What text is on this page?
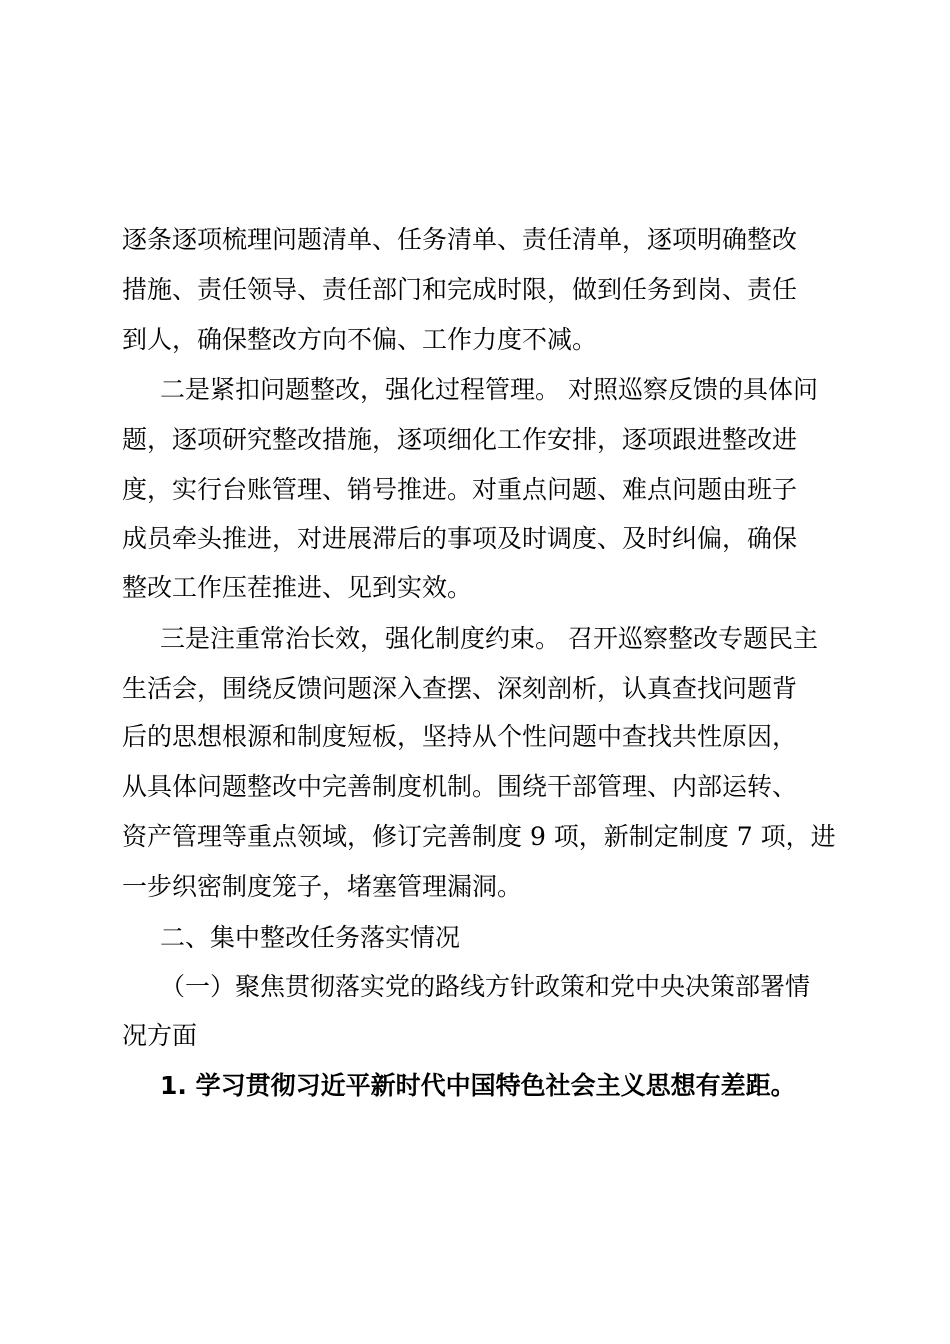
逐条逐项梳理问题清单、任务清单、责任清单，逐项明确整改
措施、责任领导、责任部门和完成时限，做到任务到岗、责任
到人，确保整改方向不偏、工作力度不减。
二是紧扣问题整改，强化过程管理。 对照巡察反馈的具体问
题，逐项研究整改措施，逐项细化工作安排，逐项跟进整改进
度，实行台账管理、销号推进。对重点问题、难点问题由班子
成员牵头推进，对进展滞后的事项及时调度、及时纠偏，确保
整改工作压茬推进、见到实效。
三是注重常治长效，强化制度约束。 召开巡察整改专题民主
生活会，围绕反馈问题深入查摆、深刻剖析，认真查找问题背
后的思想根源和制度短板，坚持从个性问题中查找共性原因，
从具体问题整改中完善制度机制。围绕干部管理、内部运转、
资产管理等重点领域，修订完善制度 9 项，新制定制度 7 项，进
一步织密制度笼子，堵塞管理漏洞。
二、集中整改任务落实情况
（一）聚焦贯彻落实党的路线方针政策和党中央决策部署情
况方面
1. 学习贯彻习近平新时代中国特色社会主义思想有差距。
